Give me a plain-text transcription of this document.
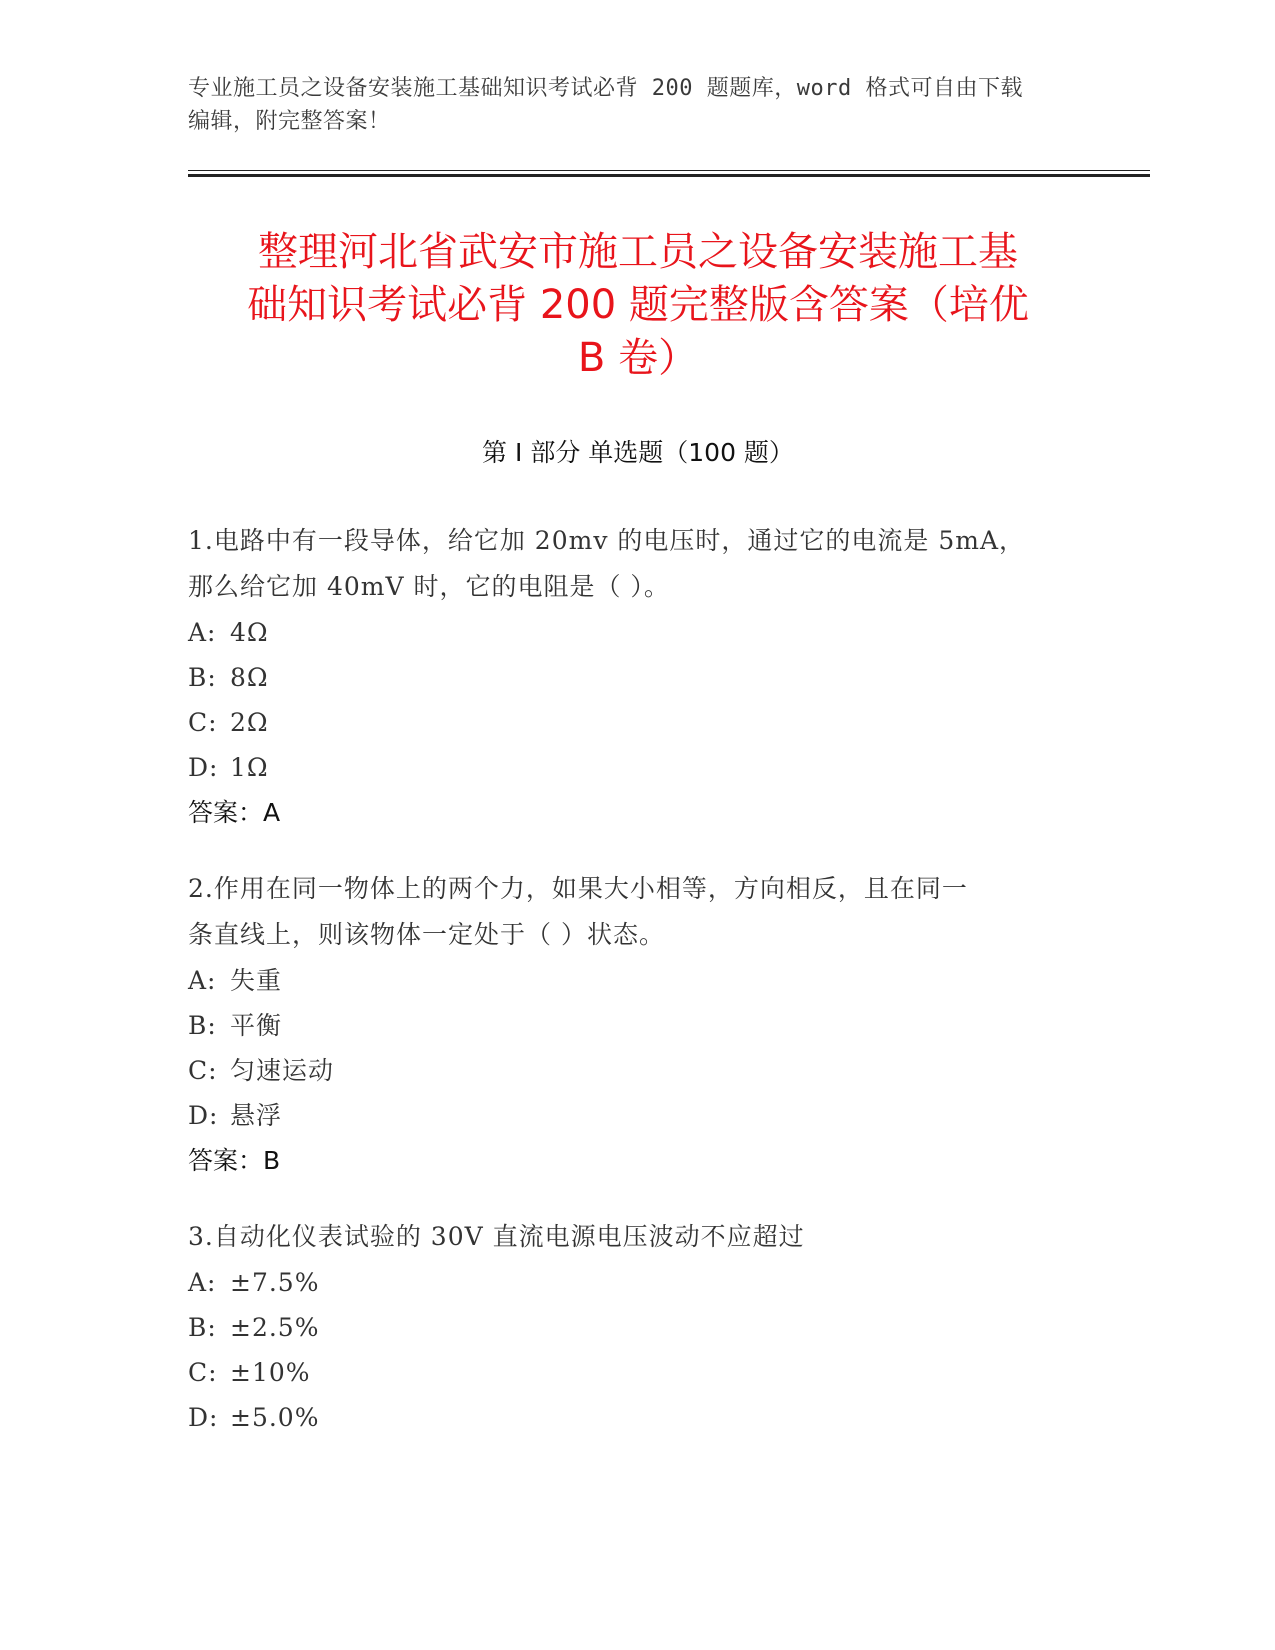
专业施工员之设备安装施工基础知识考试必背 200 题题库，word 格式可自由下载
编辑，附完整答案！
整理河北省武安市施工员之设备安装施工基
础知识考试必背 200 题完整版含答案（培优
B 卷）
第 I 部分 单选题（100 题）
1.电路中有一段导体，给它加 20mv 的电压时，通过它的电流是 5mA，
那么给它加 40mV 时，它的电阻是（ ）。
A: 4Ω
B: 8Ω
C: 2Ω
D: 1Ω
答案：A
2.作用在同一物体上的两个力，如果大小相等，方向相反，且在同一
条直线上，则该物体一定处于（ ）状态。
A: 失重
B: 平衡
C: 匀速运动
D: 悬浮
答案：B
3.自动化仪表试验的 30V 直流电源电压波动不应超过
A: ±7.5%
B: ±2.5%
C: ±10%
D: ±5.0%
